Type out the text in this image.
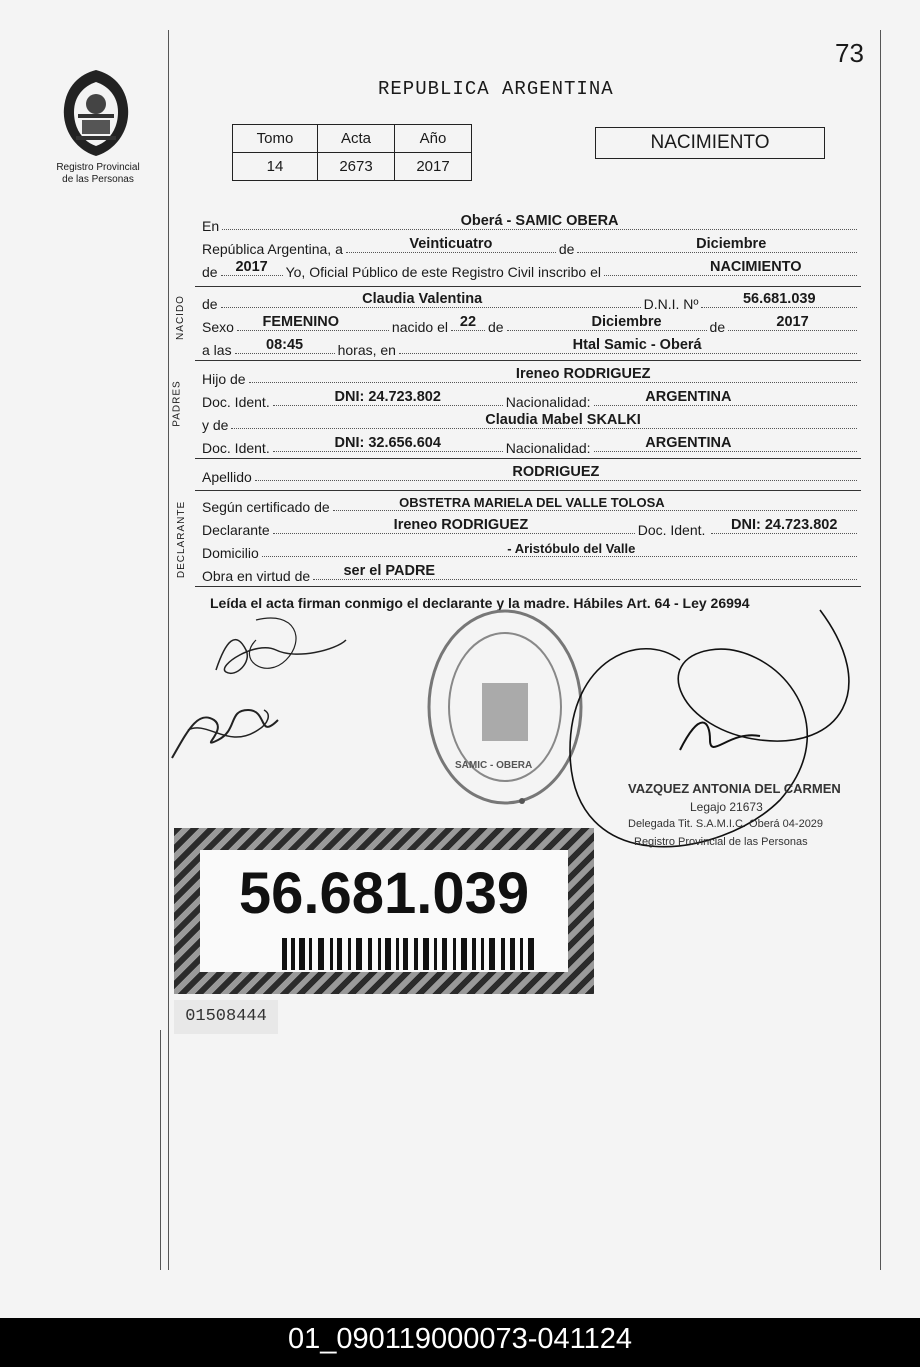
73
Registro Provincial
de las Personas
REPUBLICA ARGENTINA
Tomo	Acta	Año
14	2673	2017
NACIMIENTO
En	Oberá - SAMIC OBERA
República Argentina, a	Veinticuatro	de	Diciembre
de 2017 Yo, Oficial Público de este Registro Civil inscribo el	NACIMIENTO
NACIDO de	Claudia Valentina	D.N.I. Nº	56.681.039
Sexo FEMENINO	nacido el 22 de	Diciembre	de	2017
a las 08:45 horas, en	Htal Samic - Oberá
PADRES
Hijo de	Ireneo RODRIGUEZ
Doc. Ident.	DNI: 24.723.802	Nacionalidad:	ARGENTINA
y de	Claudia Mabel SKALKI
Doc. Ident.	DNI: 32.656.604	Nacionalidad:	ARGENTINA
Apellido	RODRIGUEZ
DECLARANTE Según certificado de	OBSTETRA MARIELA DEL VALLE TOLOSA
Declarante	Ireneo RODRIGUEZ	Doc. Ident. DNI: 24.723.802
Domicilio	- Aristóbulo del Valle
Obra en virtud de ser el PADRE
Leída el acta firman conmigo el declarante y la madre. Hábiles Art. 64 - Ley 26994
SAMIC - OBERA
VAZQUEZ ANTONIA DEL CARMEN
Legajo 21673
Delegada Tit. S.A.M.I.C. Oberá 04-2029
Registro Provincial de las Personas
56.681.039
01508444
01_090119000073-041124
